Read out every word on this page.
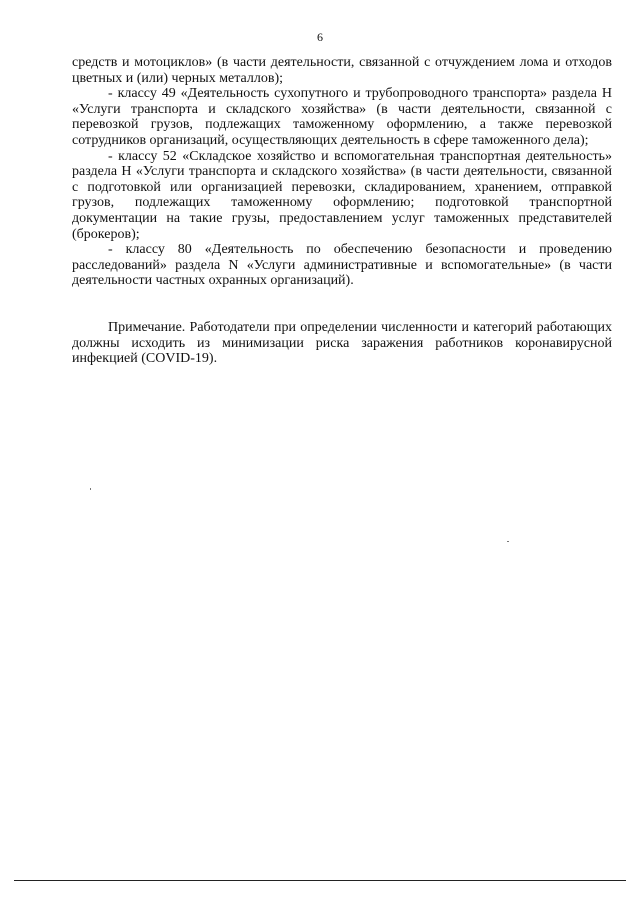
6

средств и мотоциклов» (в части деятельности, связанной с отчуждением лома и отходов цветных и (или) черных металлов);

- классу 49 «Деятельность сухопутного и трубопроводного транспорта» раздела Н «Услуги транспорта и складского хозяйства» (в части деятельности, связанной с перевозкой грузов, подлежащих таможенному оформлению, а также перевозкой сотрудников организаций, осуществляющих деятельность в сфере таможенного дела);

- классу 52 «Складское хозяйство и вспомогательная транспортная деятельность» раздела Н «Услуги транспорта и складского хозяйства» (в части деятельности, связанной с подготовкой или организацией перевозки, складированием, хранением, отправкой грузов, подлежащих таможенному оформлению; подготовкой транспортной документации на такие грузы, предоставлением услуг таможенных представителей (брокеров);

- классу 80 «Деятельность по обеспечению безопасности и проведению расследований» раздела N «Услуги административные и вспомогательные» (в части деятельности частных охранных организаций).

Примечание. Работодатели при определении численности и категорий работающих должны исходить из минимизации риска заражения работников коронавирусной инфекцией (COVID-19).
